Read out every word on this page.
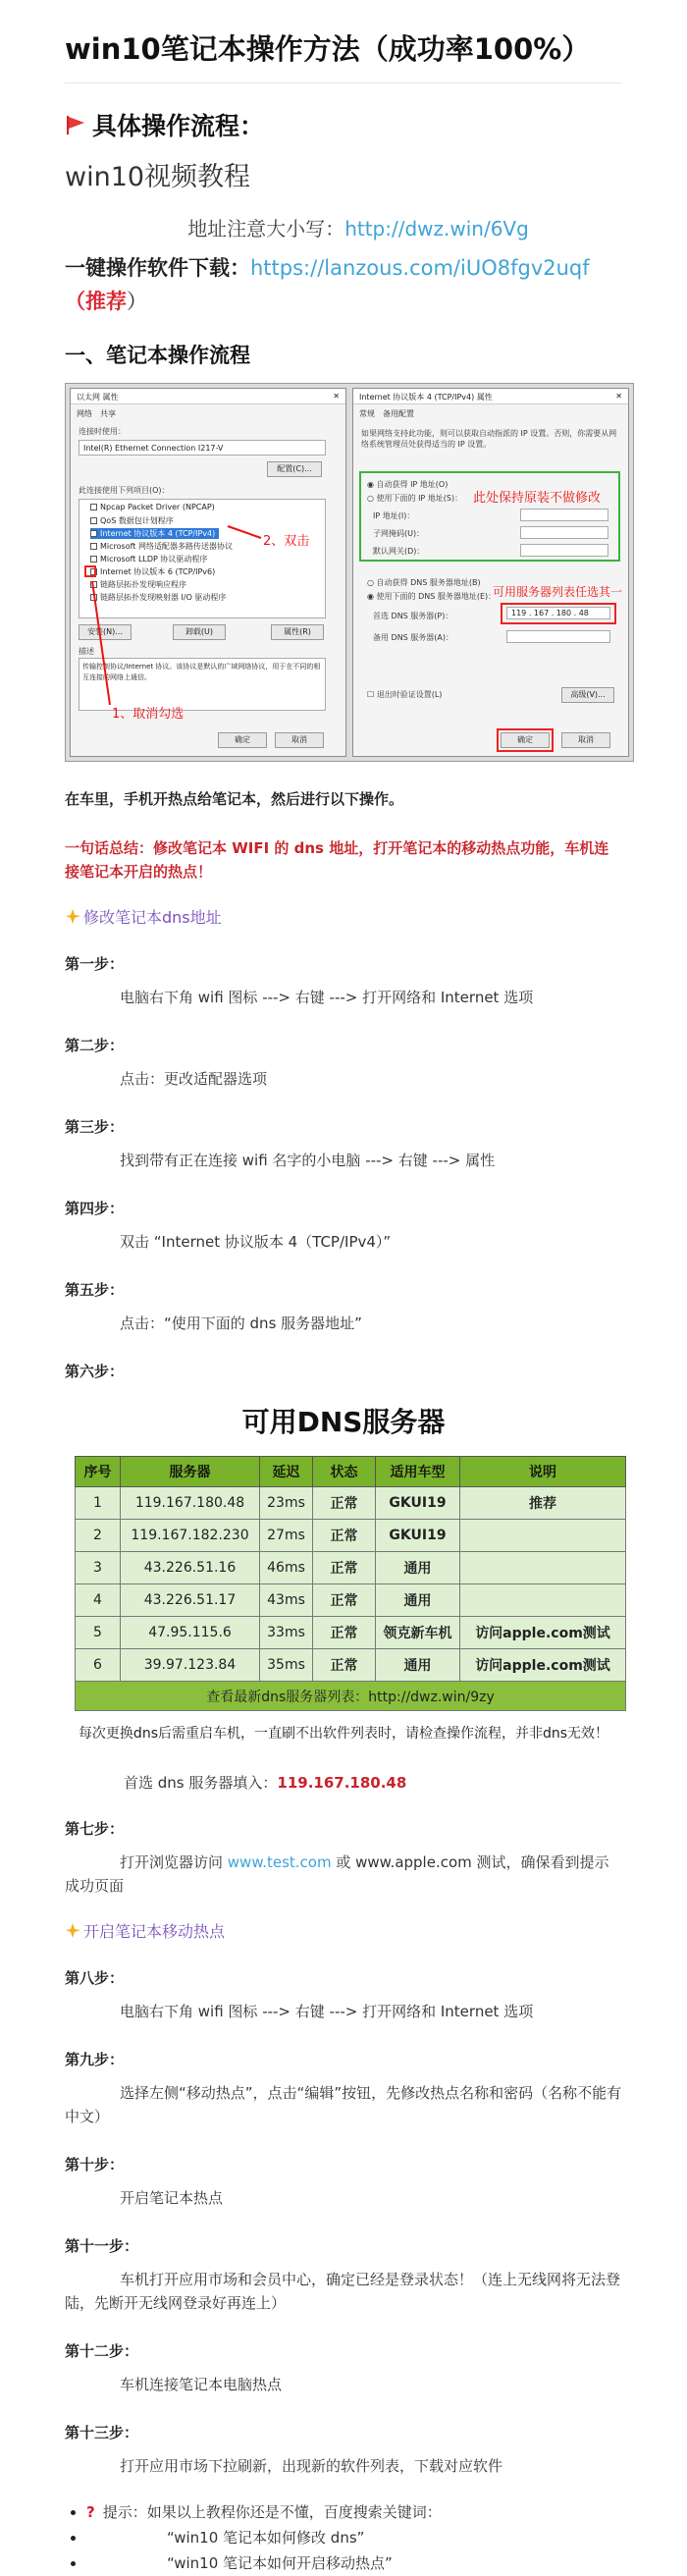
win10笔记本操作方法（成功率100%）
具体操作流程：
win10视频教程
地址注意大小写：http://dwz.win/6Vg
一键操作软件下载：https://lanzous.com/iUO8fgv2uqf（推荐）
一、笔记本操作流程
以太网 属性	✕
网络 共享
连接时使用：
Intel(R) Ethernet Connection I217-V
配置(C)...
此连接使用下列项目(O)：
Npcap Packet Driver (NPCAP)
QoS 数据包计划程序
Internet 协议版本 4 (TCP/IPv4)
Microsoft 网络适配器多路传送器协议
Microsoft LLDP 协议驱动程序
Internet 协议版本 6 (TCP/IPv6)
链路层拓扑发现响应程序
链路层拓扑发现映射器 I/O 驱动程序
安装(N)...	卸载(U)	属性(R)
描述
传输控制协议/Internet 协议。该协议是默认的广域网络协议，用于在不同的相互连接的网络上通信。
1、取消勾选
确定	取消
2、双击
Internet 协议版本 4 (TCP/IPv4) 属性	✕
常规 备用配置
如果网络支持此功能，则可以获取自动指派的 IP 设置。否则，你需要从网络系统管理员处获得适当的 IP 设置。
◉ 自动获得 IP 地址(O)
○ 使用下面的 IP 地址(S)：
IP 地址(I)：
子网掩码(U)：
默认网关(D)：
此处保持原装不做修改
○ 自动获得 DNS 服务器地址(B)
◉ 使用下面的 DNS 服务器地址(E)：
可用服务器列表任选其一
首选 DNS 服务器(P)：	119 . 167 . 180 . 48
备用 DNS 服务器(A)：
☐ 退出时验证设置(L)	高级(V)...
确定	取消

在车里，手机开热点给笔记本，然后进行以下操作。

一句话总结：修改笔记本 WIFI 的 dns 地址，打开笔记本的移动热点功能，车机连接笔记本开启的热点！

修改笔记本dns地址
第一步：
电脑右下角 wifi 图标 ---> 右键 ---> 打开网络和 Internet 选项
第二步：
点击：更改适配器选项
第三步：
找到带有正在连接 wifi 名字的小电脑 ---> 右键 ---> 属性
第四步：
双击 “Internet 协议版本 4（TCP/IPv4）”
第五步：
点击：“使用下面的 dns 服务器地址”
第六步：
可用DNS服务器
序号	服务器	延迟	状态	适用车型	说明
1	119.167.180.48	23ms	正常	GKUI19	推荐
2	119.167.182.230	27ms	正常	GKUI19	
3	43.226.51.16	46ms	正常	通用	
4	43.226.51.17	43ms	正常	通用	
5	47.95.115.6	33ms	正常	领克新车机	访问apple.com测试
6	39.97.123.84	35ms	正常	通用	访问apple.com测试
查看最新dns服务器列表：http://dwz.win/9zy					
每次更换dns后需重启车机，一直刷不出软件列表时，请检查操作流程，并非dns无效！
首选 dns 服务器填入：119.167.180.48
第七步：
打开浏览器访问 www.test.com 或 www.apple.com 测试，确保看到提示成功页面
开启笔记本移动热点
第八步：
电脑右下角 wifi 图标 ---> 右键 ---> 打开网络和 Internet 选项
第九步：
选择左侧“移动热点”，点击“编辑”按钮，先修改热点名称和密码（名称不能有中文）
第十步：
开启笔记本热点
第十一步：
车机打开应用市场和会员中心，确定已经是登录状态！（连上无线网将无法登陆，先断开无线网登录好再连上）
第十二步：
车机连接笔记本电脑热点
第十三步：
打开应用市场下拉刷新，出现新的软件列表，下载对应软件
? 提示：如果以上教程你还是不懂，百度搜索关键词：
“win10 笔记本如何修改 dns”
“win10 笔记本如何开启移动热点”
